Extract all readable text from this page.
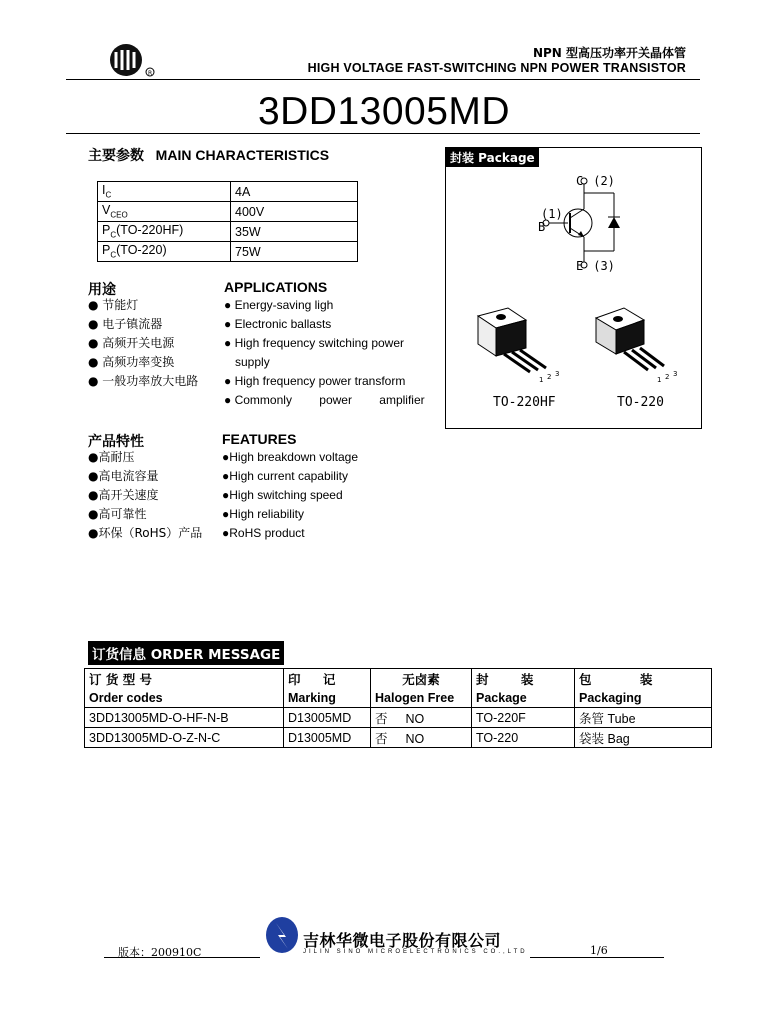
R
NPN 型高压功率开关晶体管
HIGH VOLTAGE FAST-SWITCHING NPN POWER TRANSISTOR
3DD13005MD
主要参数 MAIN CHARACTERISTICS
$I_C$	4A
$V_{CEO}$	400V
$P_C(TO-220HF)$	35W
$P_C(TO-220)$	75W
用途	APPLICATIONS
● 节能灯
● 电子镇流器
● 高频开关电源
● 高频功率变换
● 一般功率放大电路
● Energy-saving ligh
● Electronic ballasts
● High frequency switching power
supply
● High frequency power transform
● Commonly power amplifier
产品特性	FEATURES
●高耐压
●高电流容量
●高开关速度
●高可靠性
●环保（RoHS）产品
●High breakdown voltage
●High current capability
●High switching speed
●High reliability
●RoHS product
封装 Package
C (2)
(1)
B
E (3)
1 2 3
1 2 3
TO-220HF	TO-220
订货信息 ORDER MESSAGE
订 货 型 号	印 记	无卤素	封 装	包 装
Order codes	Marking	Halogen Free	Package	Packaging
3DD13005MD-O-HF-N-B	D13005MD	否 NO	TO-220F	条管 Tube
3DD13005MD-O-Z-N-C	D13005MD	否 NO	TO-220	袋装 Bag
版本：200910C	1/6
吉林华微电子股份有限公司
JILIN SINO MICROELECTRONICS CO.,LTD
